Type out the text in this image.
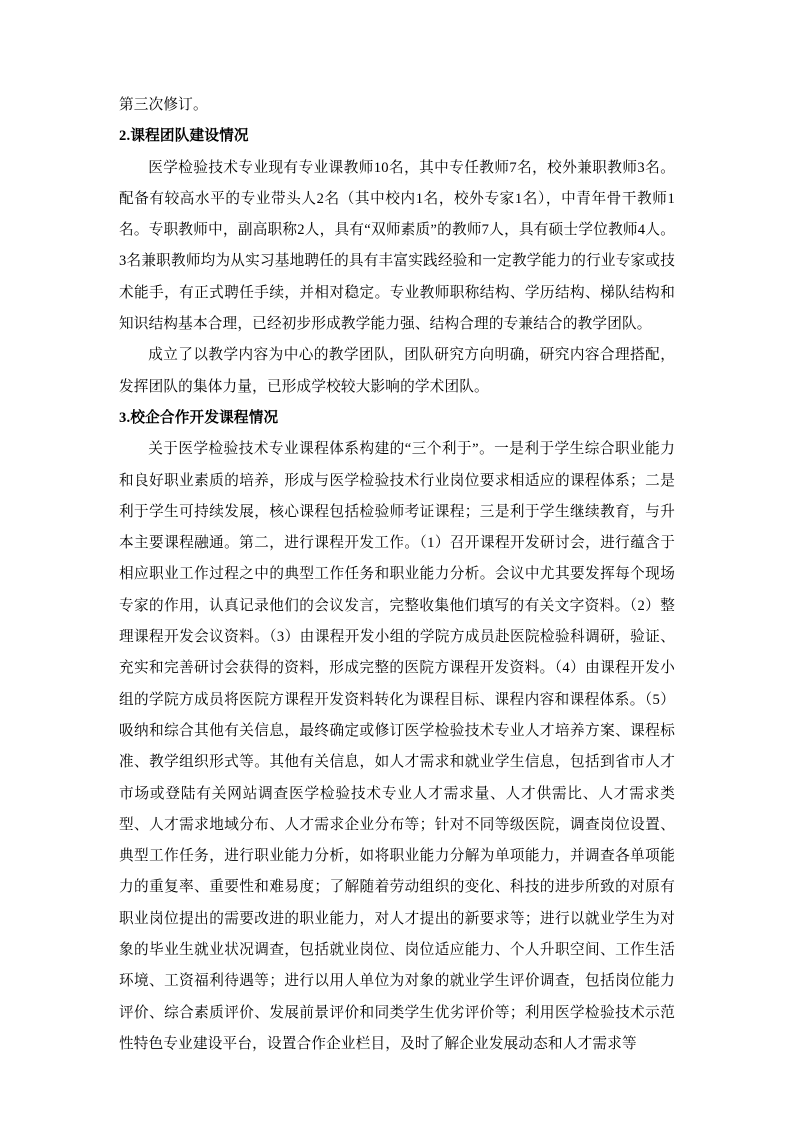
第三次修订。

2.课程团队建设情况

医学检验技术专业现有专业课教师10名，其中专任教师7名，校外兼职教师3名。配备有较高水平的专业带头人2名（其中校内1名，校外专家1名），中青年骨干教师1名。专职教师中，副高职称2人，具有“双师素质”的教师7人，具有硕士学位教师4人。3名兼职教师均为从实习基地聘任的具有丰富实践经验和一定教学能力的行业专家或技术能手，有正式聘任手续，并相对稳定。专业教师职称结构、学历结构、梯队结构和知识结构基本合理，已经初步形成教学能力强、结构合理的专兼结合的教学团队。

成立了以教学内容为中心的教学团队，团队研究方向明确，研究内容合理搭配，发挥团队的集体力量，已形成学校较大影响的学术团队。

3.校企合作开发课程情况

关于医学检验技术专业课程体系构建的“三个利于”。一是利于学生综合职业能力和良好职业素质的培养，形成与医学检验技术行业岗位要求相适应的课程体系；二是利于学生可持续发展，核心课程包括检验师考证课程；三是利于学生继续教育，与升本主要课程融通。第二，进行课程开发工作。（1）召开课程开发研讨会，进行蕴含于相应职业工作过程之中的典型工作任务和职业能力分析。会议中尤其要发挥每个现场专家的作用，认真记录他们的会议发言，完整收集他们填写的有关文字资料。（2）整理课程开发会议资料。（3）由课程开发小组的学院方成员赴医院检验科调研，验证、充实和完善研讨会获得的资料，形成完整的医院方课程开发资料。（4）由课程开发小组的学院方成员将医院方课程开发资料转化为课程目标、课程内容和课程体系。（5）吸纳和综合其他有关信息，最终确定或修订医学检验技术专业人才培养方案、课程标准、教学组织形式等。其他有关信息，如人才需求和就业学生信息，包括到省市人才市场或登陆有关网站调查医学检验技术专业人才需求量、人才供需比、人才需求类型、人才需求地域分布、人才需求企业分布等；针对不同等级医院，调查岗位设置、典型工作任务，进行职业能力分析，如将职业能力分解为单项能力，并调查各单项能力的重复率、重要性和难易度；了解随着劳动组织的变化、科技的进步所致的对原有职业岗位提出的需要改进的职业能力，对人才提出的新要求等；进行以就业学生为对象的毕业生就业状况调查，包括就业岗位、岗位适应能力、个人升职空间、工作生活环境、工资福利待遇等；进行以用人单位为对象的就业学生评价调查，包括岗位能力评价、综合素质评价、发展前景评价和同类学生优劣评价等；利用医学检验技术示范性特色专业建设平台，设置合作企业栏目，及时了解企业发展动态和人才需求等
